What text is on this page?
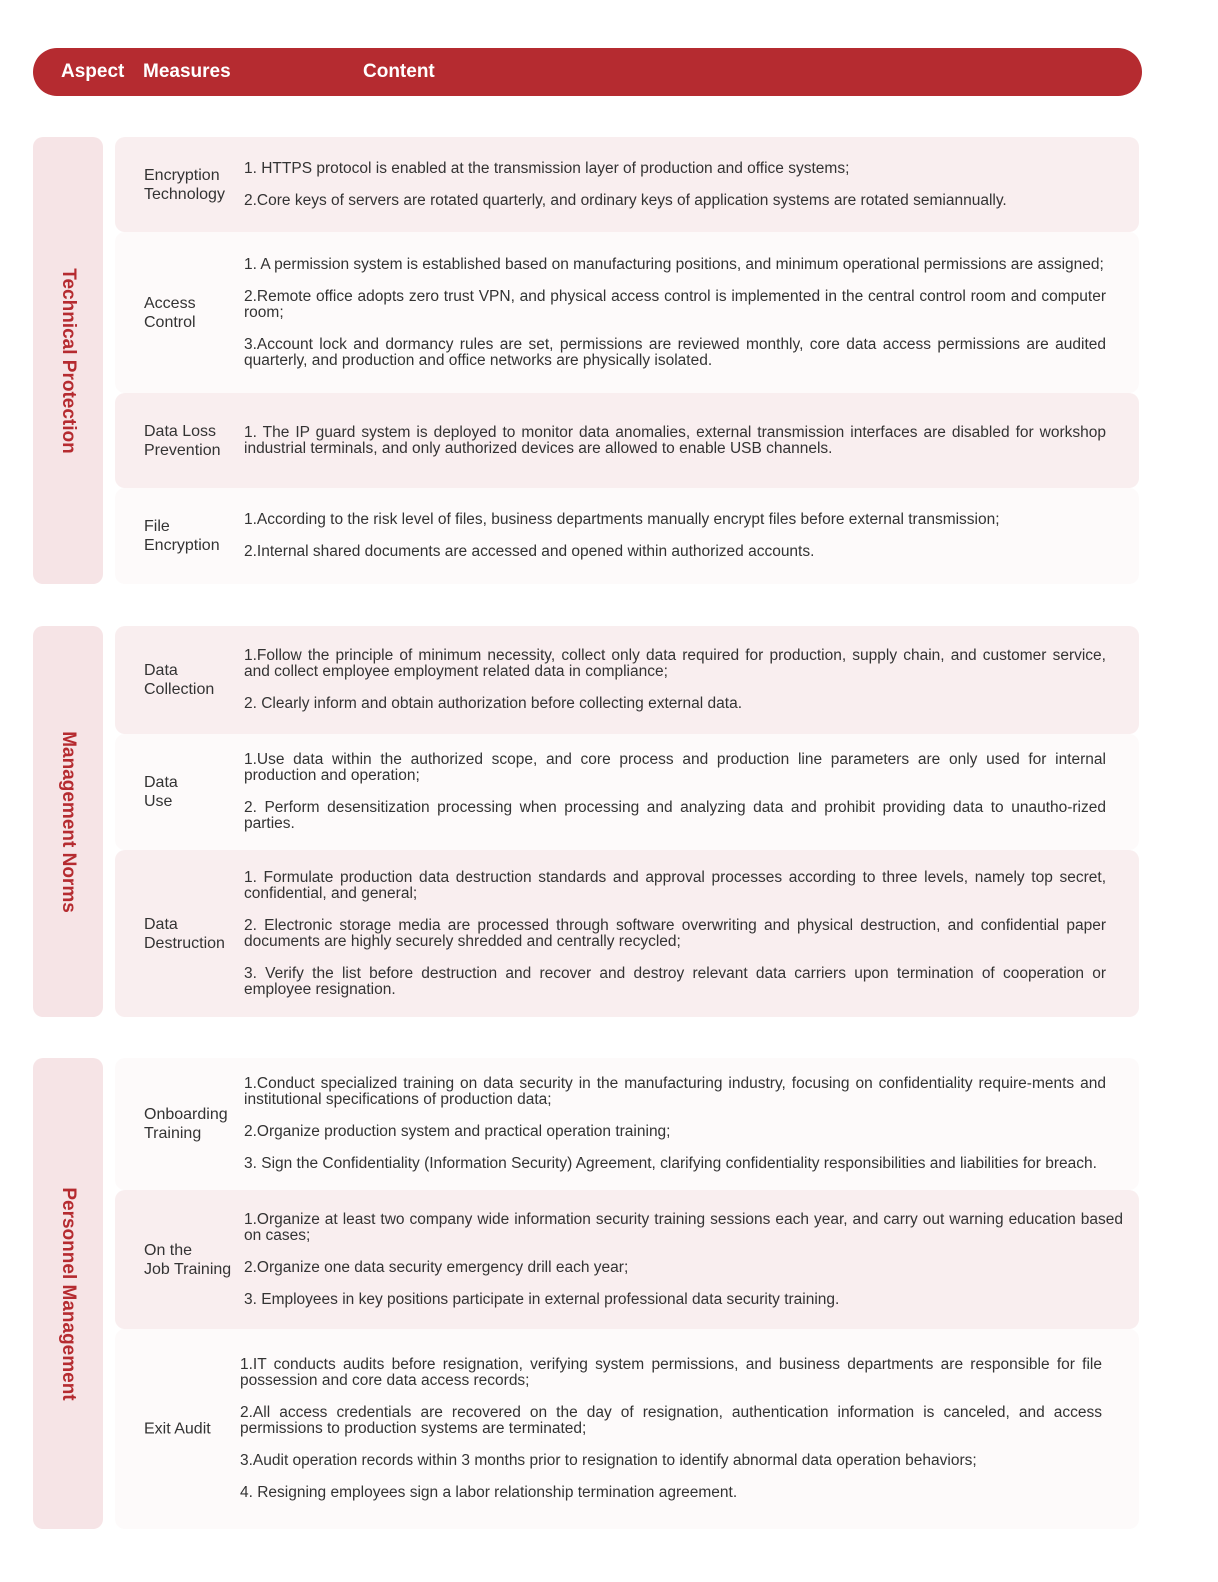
Aspect Measures	Content
Technical Protection
Encryption
Technology

1. HTTPS protocol is enabled at the transmission layer of production and office systems;

2.Core keys of servers are rotated quarterly, and ordinary keys of application systems are rotated semiannually.

Access
Control

1. A permission system is established based on manufacturing positions, and minimum operational permissions are assigned;

2.Remote office adopts zero trust VPN, and physical access control is implemented in the central control room and computer room;

3.Account lock and dormancy rules are set, permissions are reviewed monthly, core data access permissions are audited quarterly, and production and office networks are physically isolated.

Data Loss
Prevention

1. The IP guard system is deployed to monitor data anomalies, external transmission interfaces are disabled for workshop industrial terminals, and only authorized devices are allowed to enable USB channels.

File
Encryption

1.According to the risk level of files, business departments manually encrypt files before external transmission;

2.Internal shared documents are accessed and opened within authorized accounts.

Management Norms
Data
Collection

1.Follow the principle of minimum necessity, collect only data required for production, supply chain, and customer service, and collect employee employment related data in compliance;

2. Clearly inform and obtain authorization before collecting external data.

Data
Use

1.Use data within the authorized scope, and core process and production line parameters are only used for internal production and operation;

2. Perform desensitization processing when processing and analyzing data and prohibit providing data to unautho-rized parties.

Data
Destruction

1. Formulate production data destruction standards and approval processes according to three levels, namely top secret, confidential, and general;

2. Electronic storage media are processed through software overwriting and physical destruction, and confidential paper documents are highly securely shredded and centrally recycled;

3. Verify the list before destruction and recover and destroy relevant data carriers upon termination of cooperation or employee resignation.

Personnel Management
Onboarding
Training

1.Conduct specialized training on data security in the manufacturing industry, focusing on confidentiality require-ments and institutional specifications of production data;

2.Organize production system and practical operation training;

3. Sign the Confidentiality (Information Security) Agreement, clarifying confidentiality responsibilities and liabilities for breach.

On the
Job Training

1.Organize at least two company wide information security training sessions each year, and carry out warning education based on cases;

2.Organize one data security emergency drill each year;

3. Employees in key positions participate in external professional data security training.

Exit Audit

1.IT conducts audits before resignation, verifying system permissions, and business departments are responsible for file possession and core data access records;

2.All access credentials are recovered on the day of resignation, authentication information is canceled, and access permissions to production systems are terminated;

3.Audit operation records within 3 months prior to resignation to identify abnormal data operation behaviors;

4. Resigning employees sign a labor relationship termination agreement.
